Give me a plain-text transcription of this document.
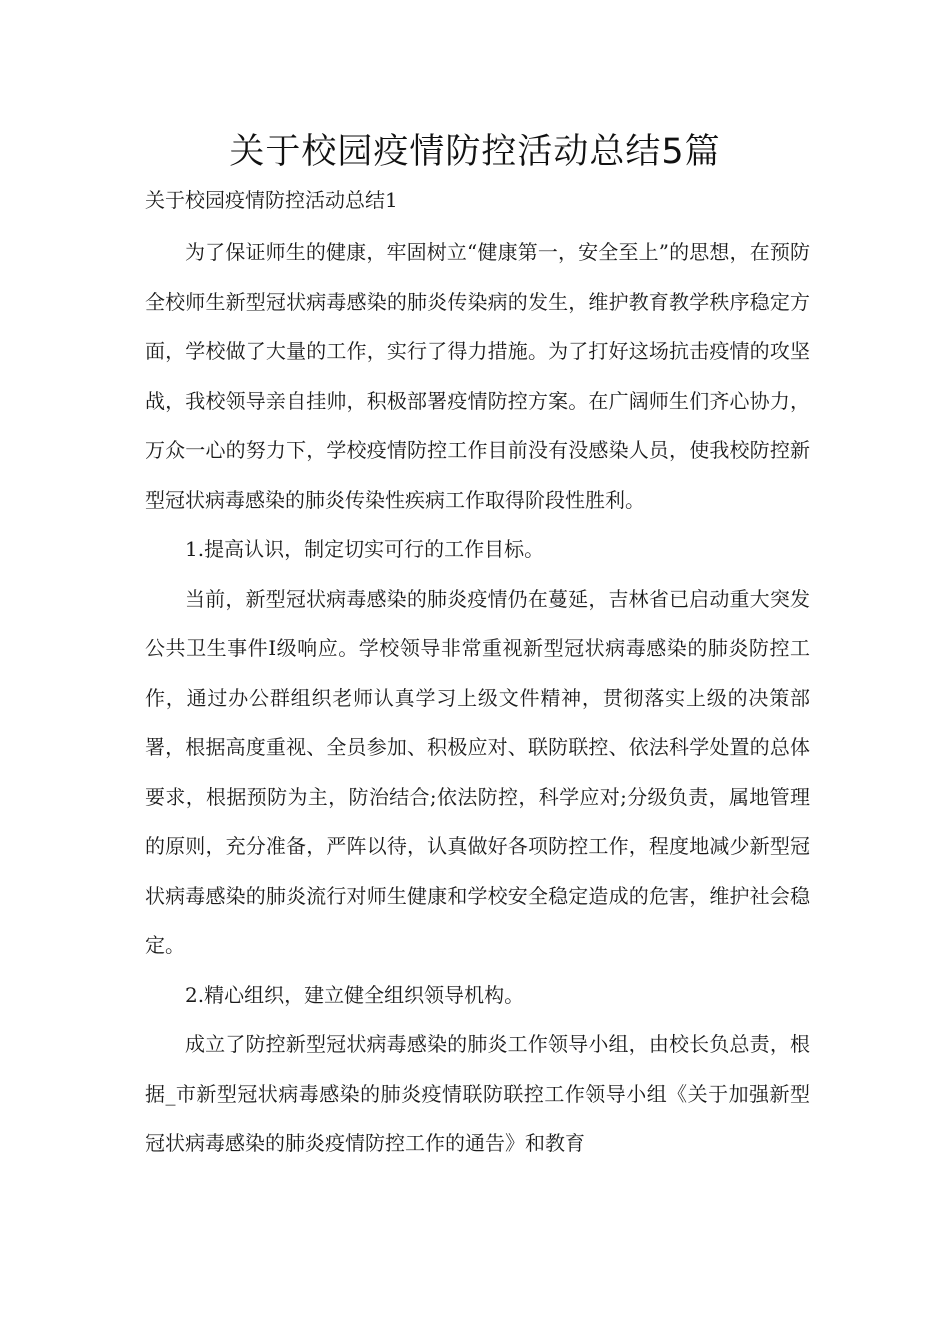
关于校园疫情防控活动总结5篇

关于校园疫情防控活动总结1

为了保证师生的健康，牢固树立“健康第一，安全至上”的思想，在预防全校师生新型冠状病毒感染的肺炎传染病的发生，维护教育教学秩序稳定方面，学校做了大量的工作，实行了得力措施。为了打好这场抗击疫情的攻坚战，我校领导亲自挂帅，积极部署疫情防控方案。在广阔师生们齐心协力，万众一心的努力下，学校疫情防控工作目前没有没感染人员，使我校防控新型冠状病毒感染的肺炎传染性疾病工作取得阶段性胜利。

1.提高认识，制定切实可行的工作目标。

当前，新型冠状病毒感染的肺炎疫情仍在蔓延，吉林省已启动重大突发公共卫生事件Ⅰ级响应。学校领导非常重视新型冠状病毒感染的肺炎防控工作，通过办公群组织老师认真学习上级文件精神，贯彻落实上级的决策部署，根据高度重视、全员参加、积极应对、联防联控、依法科学处置的总体要求，根据预防为主，防治结合;依法防控，科学应对;分级负责，属地管理的原则，充分准备，严阵以待，认真做好各项防控工作，程度地减少新型冠状病毒感染的肺炎流行对师生健康和学校安全稳定造成的危害，维护社会稳定。

2.精心组织，建立健全组织领导机构。

成立了防控新型冠状病毒感染的肺炎工作领导小组，由校长负总责，根据_市新型冠状病毒感染的肺炎疫情联防联控工作领导小组《关于加强新型冠状病毒感染的肺炎疫情防控工作的通告》和教育
